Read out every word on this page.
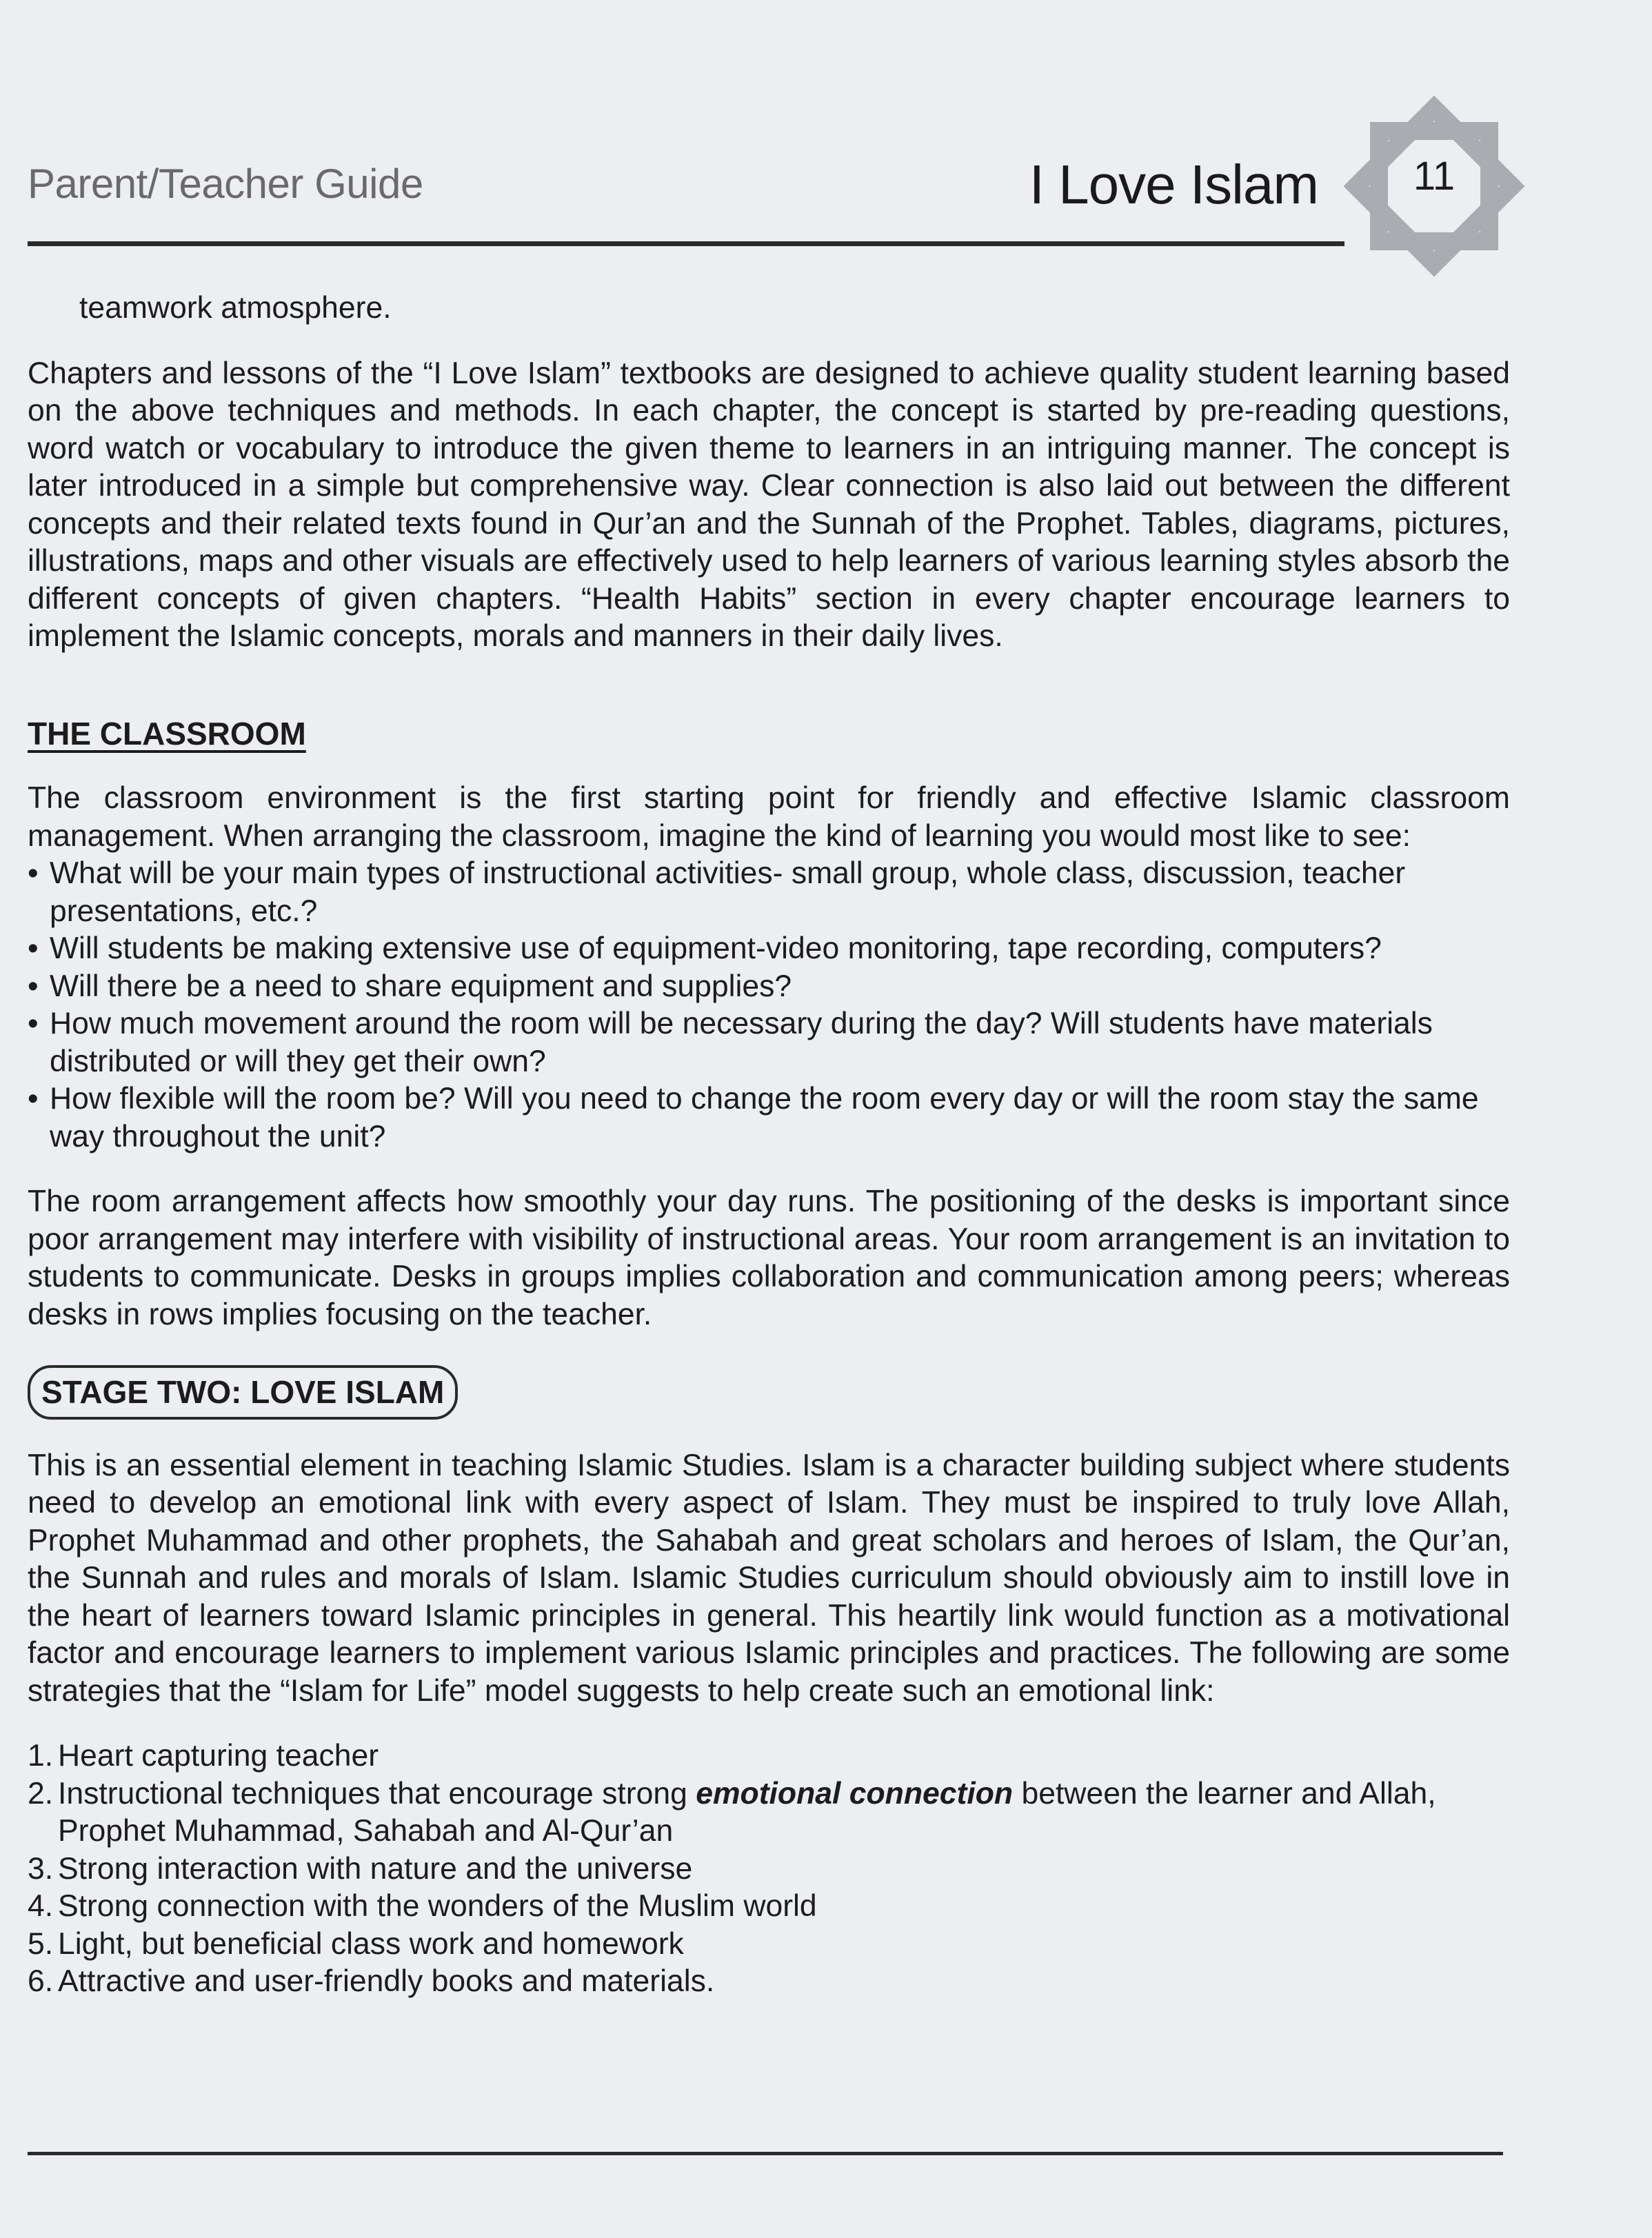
Parent/Teacher Guide	I Love Islam	11

teamwork atmosphere.

Chapters and lessons of the “I Love Islam” textbooks are designed to achieve quality student learning based on the above techniques and methods. In each chapter, the concept is started by pre-reading questions, word watch or vocabulary to introduce the given theme to learners in an intriguing manner. The concept is later introduced in a simple but comprehensive way. Clear connection is also laid out between the different concepts and their related texts found in Qur’an and the Sunnah of the Prophet. Tables, diagrams, pictures, illustrations, maps and other visuals are effectively used to help learners of various learning styles absorb the different concepts of given chapters. “Health Habits” section in every chapter encourage learners to implement the Islamic concepts, morals and manners in their daily lives.

THE CLASSROOM

The classroom environment is the first starting point for friendly and effective Islamic classroom management. When arranging the classroom, imagine the kind of learning you would most like to see:

• What will be your main types of instructional activities- small group, whole class, discussion, teacher presentations, etc.?
• Will students be making extensive use of equipment-video monitoring, tape recording, computers?
• Will there be a need to share equipment and supplies?
• How much movement around the room will be necessary during the day? Will students have materials distributed or will they get their own?
• How flexible will the room be? Will you need to change the room every day or will the room stay the same way throughout the unit?

The room arrangement affects how smoothly your day runs. The positioning of the desks is important since poor arrangement may interfere with visibility of instructional areas. Your room arrangement is an invitation to students to communicate. Desks in groups implies collaboration and communication among peers; whereas desks in rows implies focusing on the teacher.

STAGE TWO: LOVE ISLAM

This is an essential element in teaching Islamic Studies. Islam is a character building subject where students need to develop an emotional link with every aspect of Islam. They must be inspired to truly love Allah, Prophet Muhammad and other prophets, the Sahabah and great scholars and heroes of Islam, the Qur’an, the Sunnah and rules and morals of Islam. Islamic Studies curriculum should obviously aim to instill love in the heart of learners toward Islamic principles in general. This heartily link would function as a motivational factor and encourage learners to implement various Islamic principles and practices. The following are some strategies that the “Islam for Life” model suggests to help create such an emotional link:

1. Heart capturing teacher
2. Instructional techniques that encourage strong emotional connection between the learner and Allah, Prophet Muhammad, Sahabah and Al-Qur’an
3. Strong interaction with nature and the universe
4. Strong connection with the wonders of the Muslim world
5. Light, but beneficial class work and homework
6. Attractive and user-friendly books and materials.
